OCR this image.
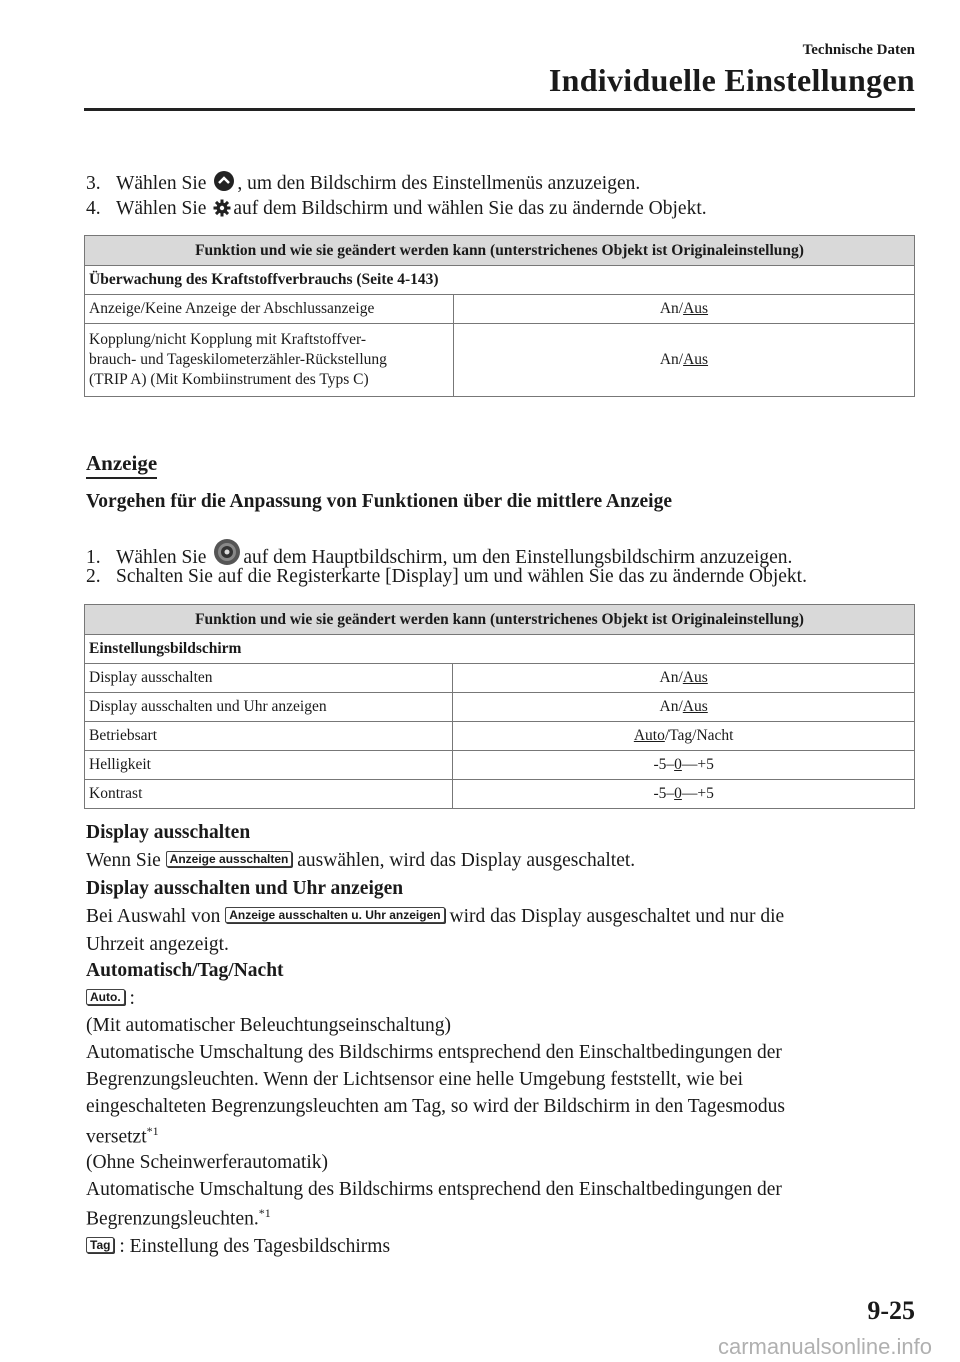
Technische Daten
Individuelle Einstellungen
3. Wählen Sie , um den Bildschirm des Einstellmenüs anzuzeigen.
4. Wählen Sie auf dem Bildschirm und wählen Sie das zu ändernde Objekt.
Funktion und wie sie geändert werden kann (unterstrichenes Objekt ist Originaleinstellung)	
Überwachung des Kraftstoffverbrauchs (Seite 4-143)	
Anzeige/Keine Anzeige der Abschlussanzeige	An/Aus

Kopplung/nicht Kopplung mit Kraftstoffver-
brauch- und Tageskilometerzähler-Rückstellung
(TRIP A) (Mit Kombiinstrument des Typs C)	An/Aus
Anzeige
Vorgehen für die Anpassung von Funktionen über die mittlere Anzeige
1. Wählen Sie auf dem Hauptbildschirm, um den Einstellungsbildschirm anzuzeigen.
2. Schalten Sie auf die Registerkarte [Display] um und wählen Sie das zu ändernde Objekt.
Funktion und wie sie geändert werden kann (unterstrichenes Objekt ist Originaleinstellung)	
Einstellungsbildschirm	
Display ausschalten	An/Aus
Display ausschalten und Uhr anzeigen	An/Aus
Betriebsart	Auto/Tag/Nacht
Helligkeit	-5–0—+5
Kontrast	-5–0—+5
Display ausschalten
Wenn Sie Anzeige ausschalten auswählen, wird das Display ausgeschaltet.
Display ausschalten und Uhr anzeigen
Bei Auswahl von Anzeige ausschalten u. Uhr anzeigen wird das Display ausgeschaltet und nur die
Uhrzeit angezeigt.
Automatisch/Tag/Nacht
Auto. :
(Mit automatischer Beleuchtungseinschaltung)
Automatische Umschaltung des Bildschirms entsprechend den Einschaltbedingungen der
Begrenzungsleuchten. Wenn der Lichtsensor eine helle Umgebung feststellt, wie bei
eingeschalteten Begrenzungsleuchten am Tag, so wird der Bildschirm in den Tagesmodus
versetzt$^{*1}$
(Ohne Scheinwerferautomatik)
Automatische Umschaltung des Bildschirms entsprechend den Einschaltbedingungen der
Begrenzungsleuchten.$^{*1}$
Tag : Einstellung des Tagesbildschirms
9-25
carmanualsonline.info
